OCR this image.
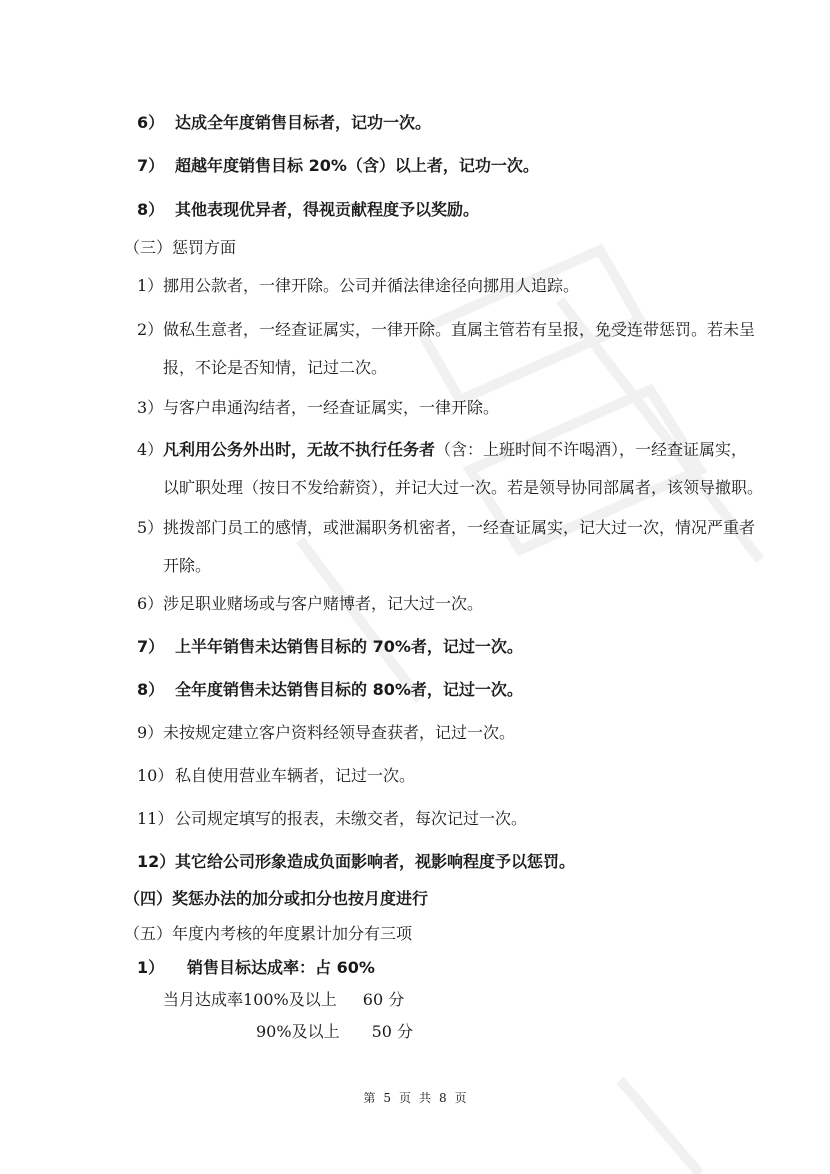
6） 达成全年度销售目标者，记功一次。
7） 超越年度销售目标 20%（含）以上者，记功一次。
8） 其他表现优异者，得视贡献程度予以奖励。
（三）惩罚方面
1）挪用公款者，一律开除。公司并循法律途径向挪用人追踪。
2）做私生意者，一经查证属实，一律开除。直属主管若有呈报，免受连带惩罚。若未呈
报，不论是否知情，记过二次。
3）与客户串通沟结者，一经查证属实，一律开除。
4）凡利用公务外出时，无故不执行任务者（含：上班时间不许喝酒），一经查证属实，
以旷职处理（按日不发给薪资），并记大过一次。若是领导协同部属者，该领导撤职。
5）挑拨部门员工的感情，或泄漏职务机密者，一经查证属实，记大过一次，情况严重者
开除。
6）涉足职业赌场或与客户赌博者，记大过一次。
7） 上半年销售未达销售目标的 70%者，记过一次。
8） 全年度销售未达销售目标的 80%者，记过一次。
9）未按规定建立客户资料经领导查获者，记过一次。
10） 私自使用营业车辆者，记过一次。
11） 公司规定填写的报表，未缴交者，每次记过一次。
12）其它给公司形象造成负面影响者，视影响程度予以惩罚。
（四）奖惩办法的加分或扣分也按月度进行
（五）年度内考核的年度累计加分有三项
1） 销售目标达成率：占 60%
当月达成率100%及以上 60 分
90%及以上 50 分
第 5 页 共 8 页
